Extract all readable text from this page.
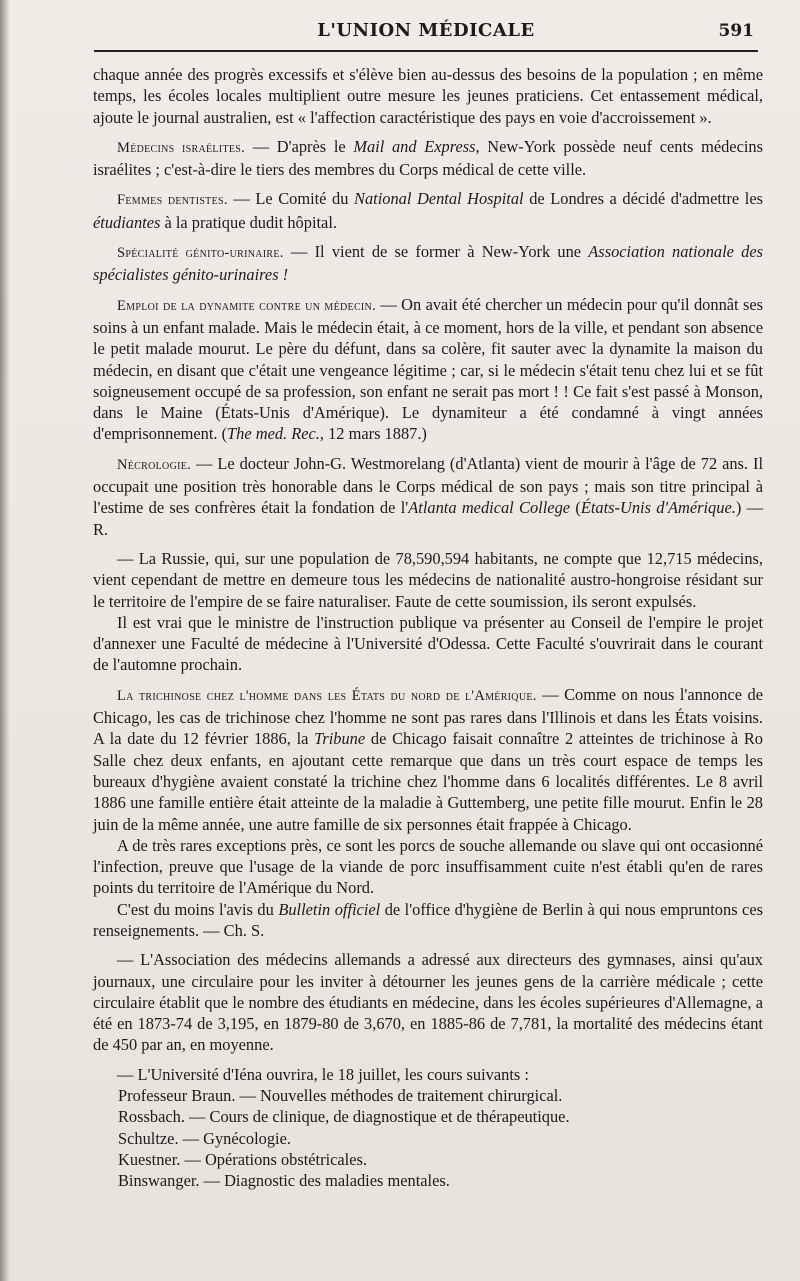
L'UNION MÉDICALE	591

chaque année des progrès excessifs et s'élève bien au-dessus des besoins de la population ; en même temps, les écoles locales multiplient outre mesure les jeunes praticiens. Cet entassement médical, ajoute le journal australien, est « l'affection caractéristique des pays en voie d'accroissement ».

Médecins israélites. — D'après le Mail and Express, New-York possède neuf cents médecins israélites ; c'est-à-dire le tiers des membres du Corps médical de cette ville.

Femmes dentistes. — Le Comité du National Dental Hospital de Londres a décidé d'admettre les étudiantes à la pratique dudit hôpital.

Spécialité génito-urinaire. — Il vient de se former à New-York une Association nationale des spécialistes génito-urinaires !

Emploi de la dynamite contre un médecin. — On avait été chercher un médecin pour qu'il donnât ses soins à un enfant malade. Mais le médecin était, à ce moment, hors de la ville, et pendant son absence le petit malade mourut. Le père du défunt, dans sa colère, fit sauter avec la dynamite la maison du médecin, en disant que c'était une vengeance légitime ; car, si le médecin s'était tenu chez lui et se fût soigneusement occupé de sa profession, son enfant ne serait pas mort ! ! Ce fait s'est passé à Monson, dans le Maine (États-Unis d'Amérique). Le dynamiteur a été condamné à vingt années d'emprisonnement. (The med. Rec., 12 mars 1887.)

Nécrologie. — Le docteur John-G. Westmorelang (d'Atlanta) vient de mourir à l'âge de 72 ans. Il occupait une position très honorable dans le Corps médical de son pays ; mais son titre principal à l'estime de ses confrères était la fondation de l'Atlanta medical College (États-Unis d'Amérique.) — R.

— La Russie, qui, sur une population de 78,590,594 habitants, ne compte que 12,715 médecins, vient cependant de mettre en demeure tous les médecins de nationalité austro-hongroise résidant sur le territoire de l'empire de se faire naturaliser. Faute de cette soumission, ils seront expulsés.

Il est vrai que le ministre de l'instruction publique va présenter au Conseil de l'empire le projet d'annexer une Faculté de médecine à l'Université d'Odessa. Cette Faculté s'ouvrirait dans le courant de l'automne prochain.

La trichinose chez l'homme dans les États du nord de l'Amérique. — Comme on nous l'annonce de Chicago, les cas de trichinose chez l'homme ne sont pas rares dans l'Illinois et dans les États voisins. A la date du 12 février 1886, la Tribune de Chicago faisait connaître 2 atteintes de trichinose à Ro Salle chez deux enfants, en ajoutant cette remarque que dans un très court espace de temps les bureaux d'hygiène avaient constaté la trichine chez l'homme dans 6 localités différentes. Le 8 avril 1886 une famille entière était atteinte de la maladie à Guttemberg, une petite fille mourut. Enfin le 28 juin de la même année, une autre famille de six personnes était frappée à Chicago.

A de très rares exceptions près, ce sont les porcs de souche allemande ou slave qui ont occasionné l'infection, preuve que l'usage de la viande de porc insuffisamment cuite n'est établi qu'en de rares points du territoire de l'Amérique du Nord.

C'est du moins l'avis du Bulletin officiel de l'office d'hygiène de Berlin à qui nous empruntons ces renseignements. — Ch. S.

— L'Association des médecins allemands a adressé aux directeurs des gymnases, ainsi qu'aux journaux, une circulaire pour les inviter à détourner les jeunes gens de la carrière médicale ; cette circulaire établit que le nombre des étudiants en médecine, dans les écoles supérieures d'Allemagne, a été en 1873-74 de 3,195, en 1879-80 de 3,670, en 1885-86 de 7,781, la mortalité des médecins étant de 450 par an, en moyenne.

— L'Université d'Iéna ouvrira, le 18 juillet, les cours suivants :

Professeur Braun. — Nouvelles méthodes de traitement chirurgical.

Rossbach. — Cours de clinique, de diagnostique et de thérapeutique.

Schultze. — Gynécologie.

Kuestner. — Opérations obstétricales.

Binswanger. — Diagnostic des maladies mentales.
